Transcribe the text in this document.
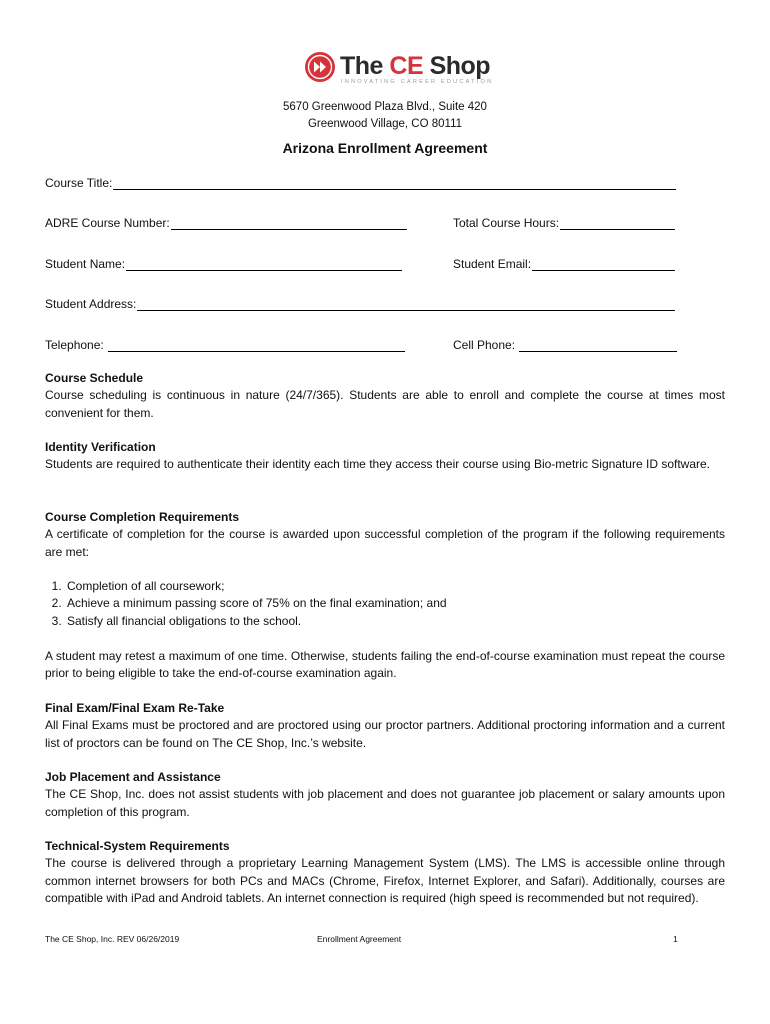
The CE Shop
INNOVATING CAREER EDUCATION
5670 Greenwood Plaza Blvd., Suite 420
Greenwood Village, CO 80111
Arizona Enrollment Agreement
Course Title:
ADRE Course Number:	Total Course Hours:
Student Name:	Student Email:
Student Address:
Telephone:	Cell Phone:
Course Schedule

Course scheduling is continuous in nature (24/7/365). Students are able to enroll and complete the course at times most convenient for them.

Identity Verification

Students are required to authenticate their identity each time they access their course using Bio-metric Signature ID software.

Course Completion Requirements

A certificate of completion for the course is awarded upon successful completion of the program if the following requirements are met:

1. Completion of all coursework;
2. Achieve a minimum passing score of 75% on the final examination; and
3. Satisfy all financial obligations to the school.

A student may retest a maximum of one time. Otherwise, students failing the end-of-course examination must repeat the course prior to being eligible to take the end-of-course examination again.

Final Exam/Final Exam Re-Take

All Final Exams must be proctored and are proctored using our proctor partners. Additional proctoring information and a current list of proctors can be found on The CE Shop, Inc.’s website.

Job Placement and Assistance

The CE Shop, Inc. does not assist students with job placement and does not guarantee job placement or salary amounts upon completion of this program.

Technical-System Requirements

The course is delivered through a proprietary Learning Management System (LMS). The LMS is accessible online through common internet browsers for both PCs and MACs (Chrome, Firefox, Internet Explorer, and Safari). Additionally, courses are compatible with iPad and Android tablets. An internet connection is required (high speed is recommended but not required).

The CE Shop, Inc. REV 06/26/2019	Enrollment Agreement	1
